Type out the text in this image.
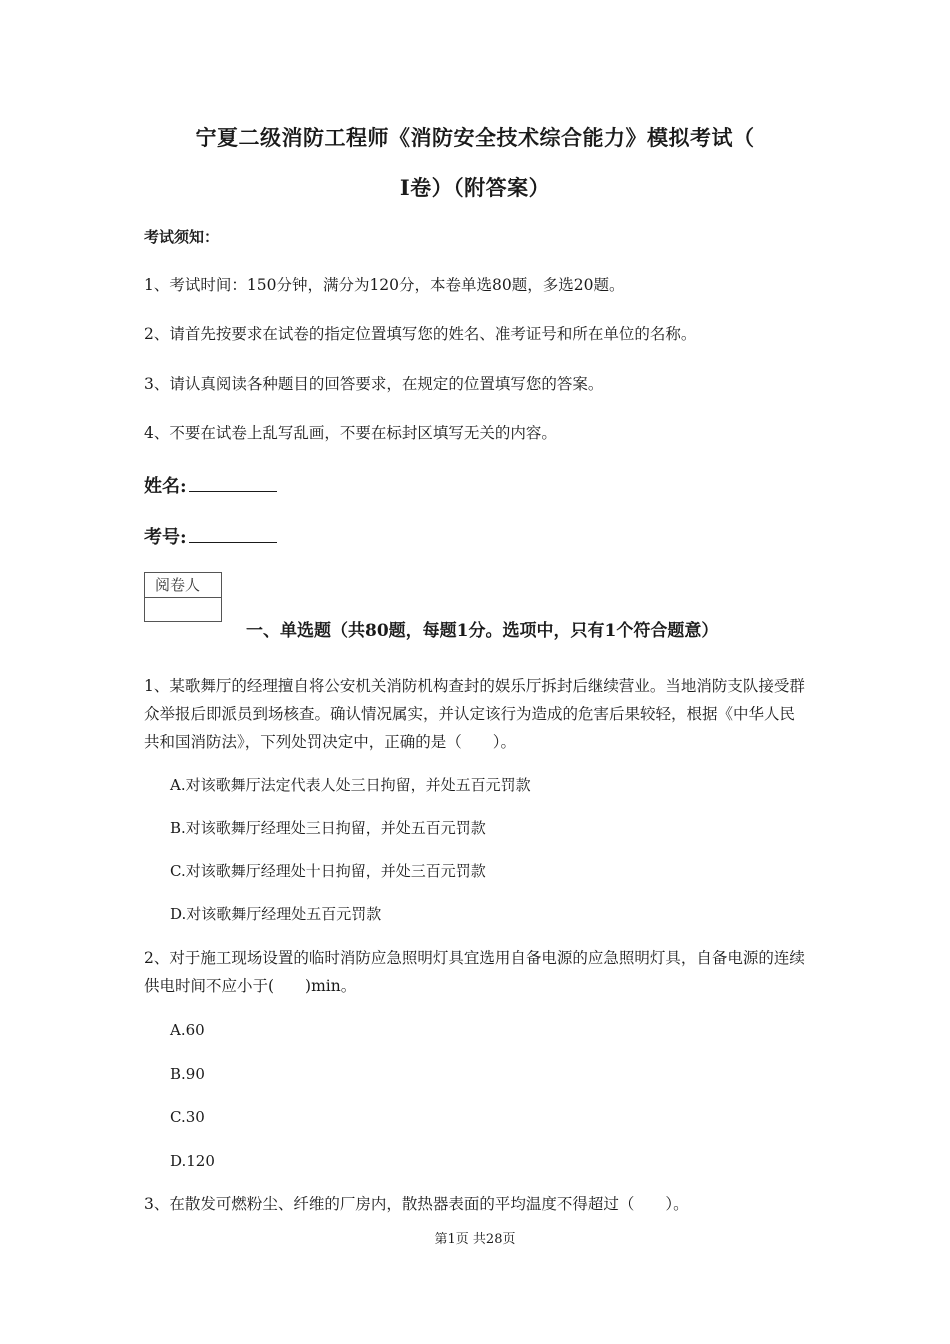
宁夏二级消防工程师《消防安全技术综合能力》模拟考试（
I卷）（附答案）
考试须知：
1、考试时间：150分钟，满分为120分，本卷单选80题，多选20题。
2、请首先按要求在试卷的指定位置填写您的姓名、准考证号和所在单位的名称。
3、请认真阅读各种题目的回答要求，在规定的位置填写您的答案。
4、不要在试卷上乱写乱画，不要在标封区填写无关的内容。
姓名:
考号:
阅卷人
一、单选题（共80题，每题1分。选项中，只有1个符合题意）
1、某歌舞厅的经理擅自将公安机关消防机构查封的娱乐厅拆封后继续营业。当地消防支队接受群众举报后即派员到场核查。确认情况属实，并认定该行为造成的危害后果较轻，根据《中华人民共和国消防法》，下列处罚决定中，正确的是（　　）。
A.对该歌舞厅法定代表人处三日拘留，并处五百元罚款
B.对该歌舞厅经理处三日拘留，并处五百元罚款
C.对该歌舞厅经理处十日拘留，并处三百元罚款
D.对该歌舞厅经理处五百元罚款
2、对于施工现场设置的临时消防应急照明灯具宜选用自备电源的应急照明灯具，自备电源的连续供电时间不应小于(　　)min。
A.60
B.90
C.30
D.120
3、在散发可燃粉尘、纤维的厂房内，散热器表面的平均温度不得超过（　　）。
第1页 共28页
